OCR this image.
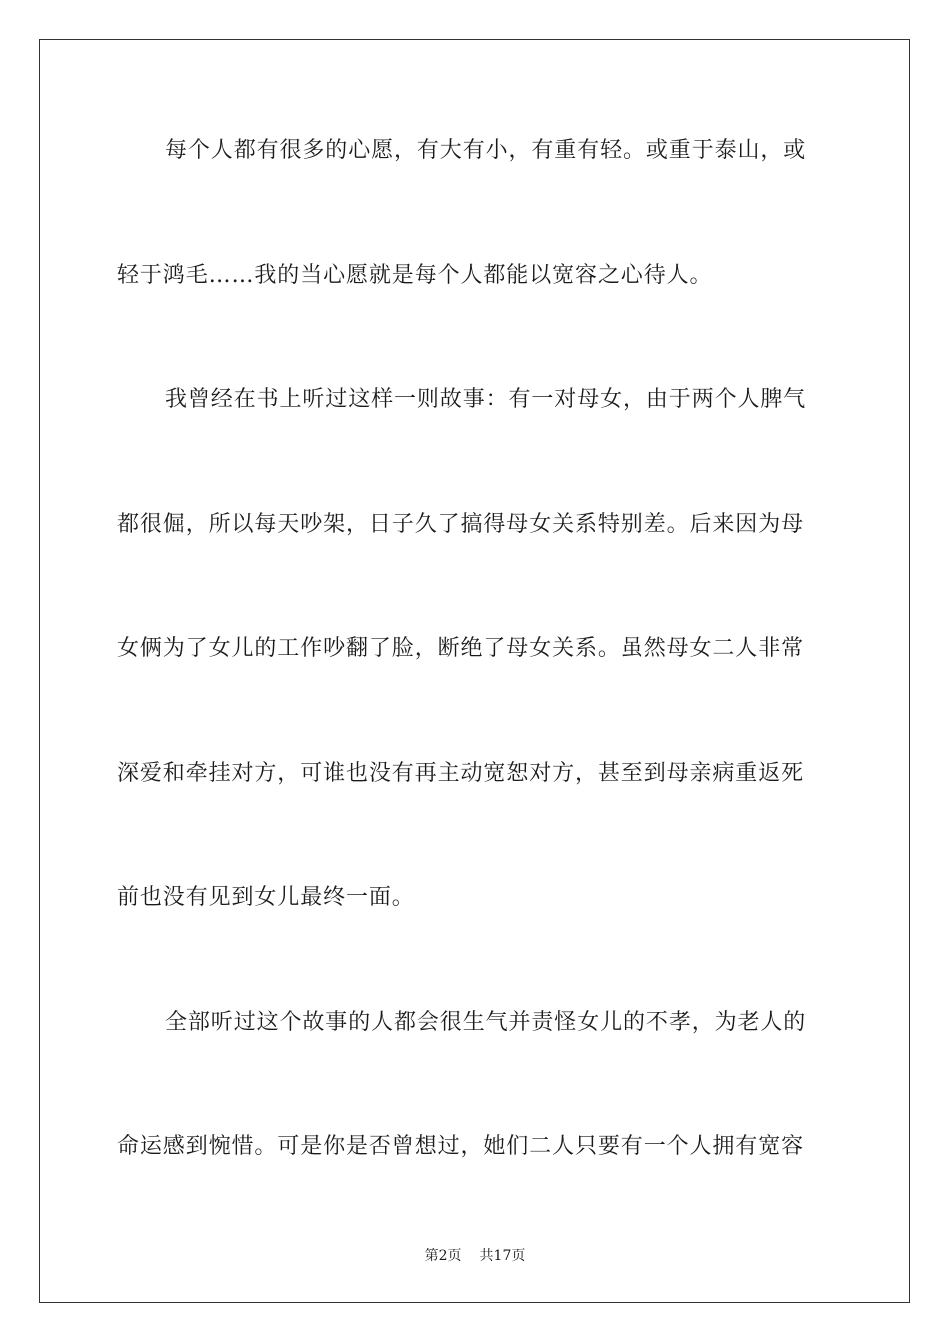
每个人都有很多的心愿，有大有小，有重有轻。或重于泰山，或
轻于鸿毛……我的当心愿就是每个人都能以宽容之心待人。
我曾经在书上听过这样一则故事：有一对母女，由于两个人脾气
都很倔，所以每天吵架，日子久了搞得母女关系特别差。后来因为母
女俩为了女儿的工作吵翻了脸，断绝了母女关系。虽然母女二人非常
深爱和牵挂对方，可谁也没有再主动宽恕对方，甚至到母亲病重返死
前也没有见到女儿最终一面。
全部听过这个故事的人都会很生气并责怪女儿的不孝，为老人的
命运感到惋惜。可是你是否曾想过，她们二人只要有一个人拥有宽容
第2页 共17页
